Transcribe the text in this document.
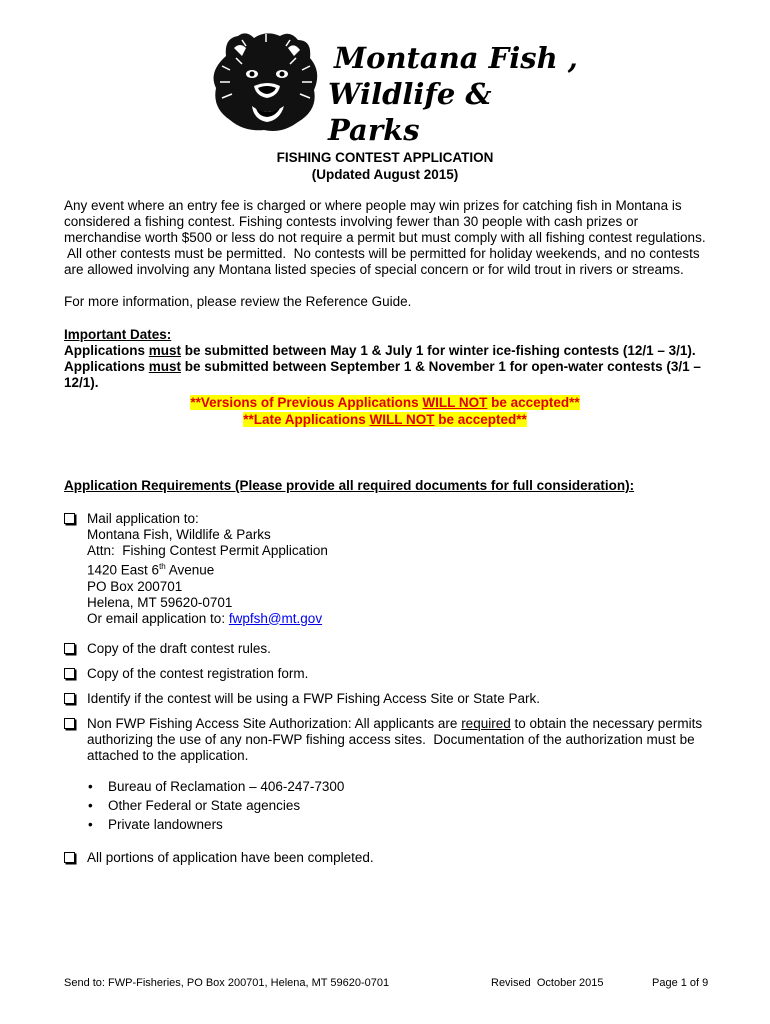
Montana Fish ,
Wildlife & Parks
FISHING CONTEST APPLICATION
(Updated August 2015)
Any event where an entry fee is charged or where people may win prizes for catching fish in Montana is
considered a fishing contest. Fishing contests involving fewer than 30 people with cash prizes or
merchandise worth $500 or less do not require a permit but must comply with all fishing contest regulations.
All other contests must be permitted.  No contests will be permitted for holiday weekends, and no contests
are allowed involving any Montana listed species of special concern or for wild trout in rivers or streams.
For more information, please review the Reference Guide.
Important Dates:
Applications must be submitted between May 1 & July 1 for winter ice-fishing contests (12/1 – 3/1).
Applications must be submitted between September 1 & November 1 for open-water contests (3/1 –
12/1).
**Versions of Previous Applications WILL NOT be accepted**
**Late Applications WILL NOT be accepted**
Application Requirements (Please provide all required documents for full consideration):
Mail application to:
Montana Fish, Wildlife & Parks
Attn:  Fishing Contest Permit Application
1420 East 6th Avenue
PO Box 200701
Helena, MT 59620-0701
Or email application to: fwpfsh@mt.gov
Copy of the draft contest rules.
Copy of the contest registration form.
Identify if the contest will be using a FWP Fishing Access Site or State Park.
Non FWP Fishing Access Site Authorization: All applicants are required to obtain the necessary permits
authorizing the use of any non-FWP fishing access sites.  Documentation of the authorization must be
attached to the application.
• Bureau of Reclamation – 406-247-7300
• Other Federal or State agencies
• Private landowners
All portions of application have been completed.
Send to: FWP-Fisheries, PO Box 200701, Helena, MT 59620-0701	Revised  October 2015	Page 1 of 9
